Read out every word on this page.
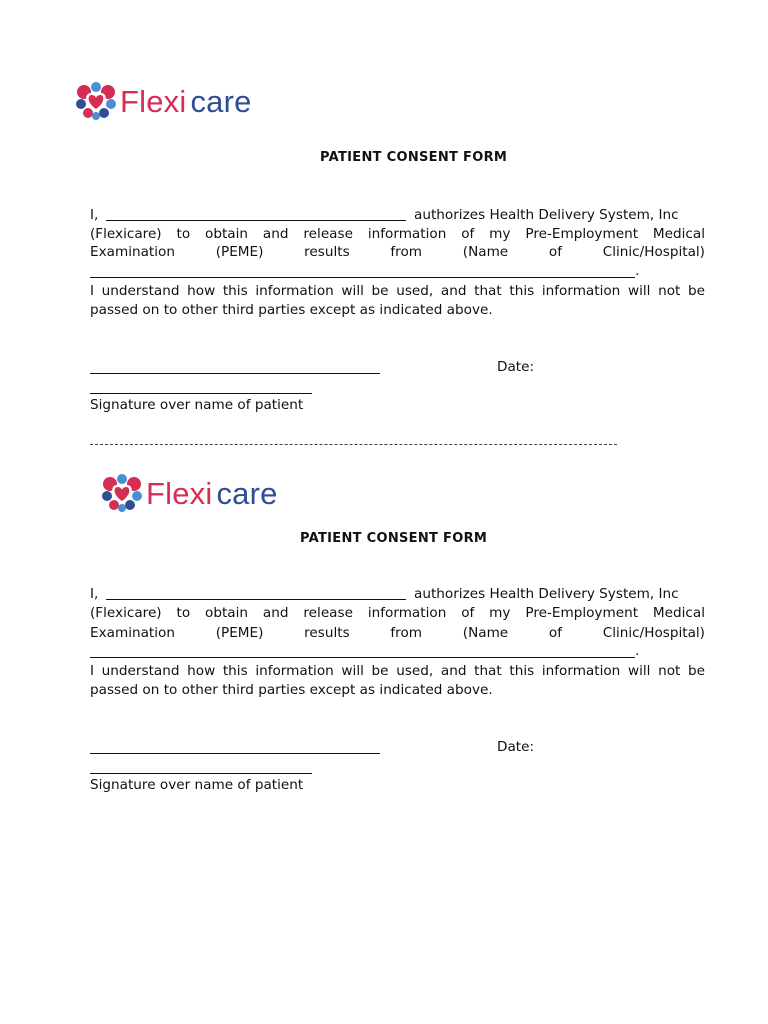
Flexi care
PATIENT CONSENT FORM
I,	authorizes Health Delivery System, Inc
(Flexicare) to obtain and release information of my Pre-Employment Medical
Examination (PEME) results from (Name of Clinic/Hospital)
.
I understand how this information will be used, and that this information will not be
passed on to other third parties except as indicated above.
Date:
Signature over name of patient
Flexi care
PATIENT CONSENT FORM
I,	authorizes Health Delivery System, Inc
(Flexicare) to obtain and release information of my Pre-Employment Medical
Examination (PEME) results from (Name of Clinic/Hospital)
.
I understand how this information will be used, and that this information will not be
passed on to other third parties except as indicated above.
Date:
Signature over name of patient
